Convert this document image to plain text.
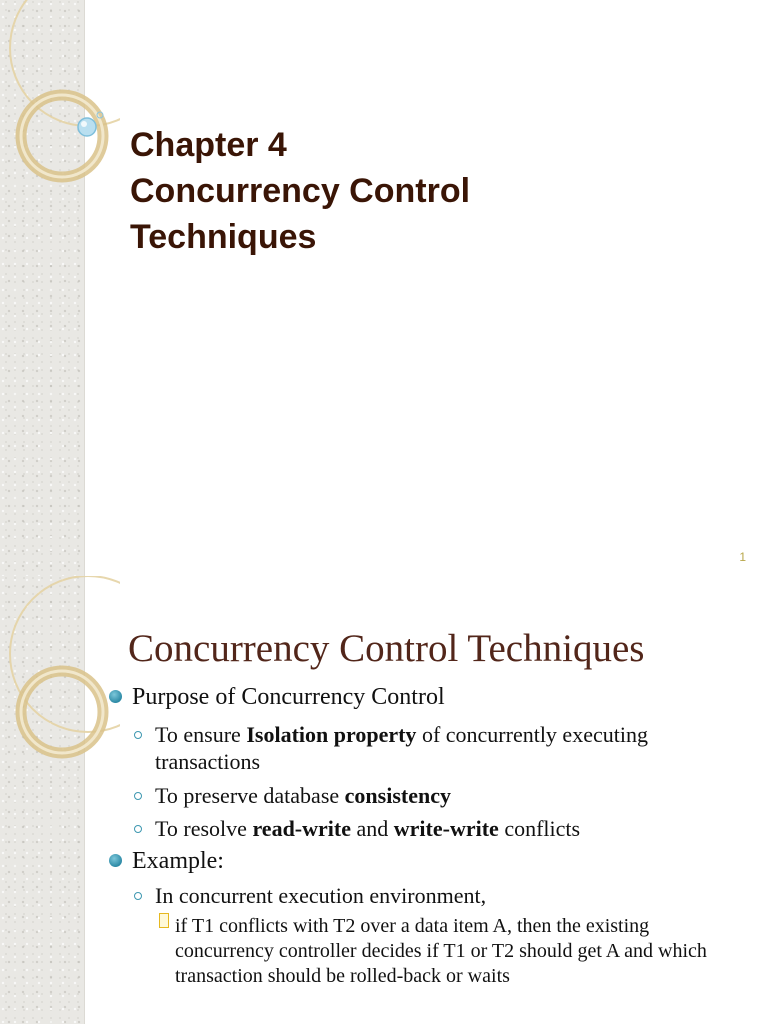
Chapter 4
Concurrency Control
Techniques
1
Concurrency Control Techniques
Purpose of Concurrency Control
To ensure Isolation property of concurrently executing transactions
To preserve database consistency
To resolve read-write and write-write conflicts
Example:
In concurrent execution environment,
if T1 conflicts with T2 over a data item A, then the existing concurrency controller decides if T1 or T2 should get A and which transaction should be rolled-back or waits
